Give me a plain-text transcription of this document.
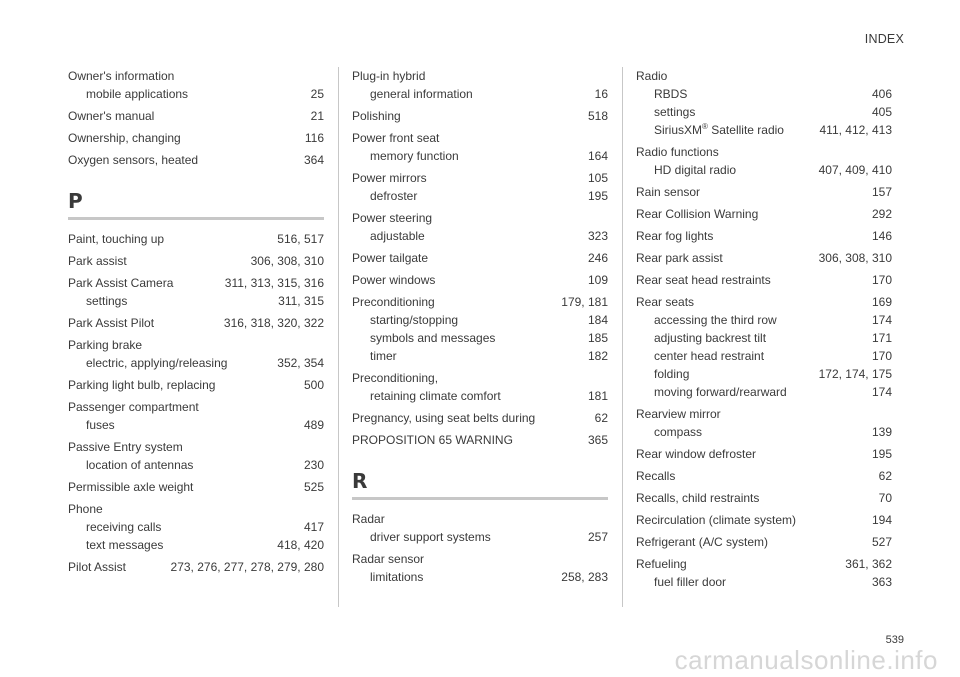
INDEX
Owner's information
mobile applications	25
Owner's manual	21
Ownership, changing	116
Oxygen sensors, heated	364
P
Paint, touching up	516, 517
Park assist	306, 308, 310
Park Assist Camera	311, 313, 315, 316
settings	311, 315
Park Assist Pilot	316, 318, 320, 322
Parking brake
electric, applying/releasing	352, 354
Parking light bulb, replacing	500
Passenger compartment
fuses	489
Passive Entry system
location of antennas	230
Permissible axle weight	525
Phone
receiving calls	417
text messages	418, 420
Pilot Assist	273, 276, 277, 278, 279, 280
Plug-in hybrid
general information	16
Polishing	518
Power front seat
memory function	164
Power mirrors	105
defroster	195
Power steering
adjustable	323
Power tailgate	246
Power windows	109
Preconditioning	179, 181
starting/stopping	184
symbols and messages	185
timer	182
Preconditioning,
retaining climate comfort	181
Pregnancy, using seat belts during	62
PROPOSITION 65 WARNING	365
R
Radar
driver support systems	257
Radar sensor
limitations	258, 283
Radio
RBDS	406
settings	405
SiriusXM® Satellite radio	411, 412, 413
Radio functions
HD digital radio	407, 409, 410
Rain sensor	157
Rear Collision Warning	292
Rear fog lights	146
Rear park assist	306, 308, 310
Rear seat head restraints	170
Rear seats	169
accessing the third row	174
adjusting backrest tilt	171
center head restraint	170
folding	172, 174, 175
moving forward/rearward	174
Rearview mirror
compass	139
Rear window defroster	195
Recalls	62
Recalls, child restraints	70
Recirculation (climate system)	194
Refrigerant (A/C system)	527
Refueling	361, 362
fuel filler door	363
539
carmanualsonline.info
